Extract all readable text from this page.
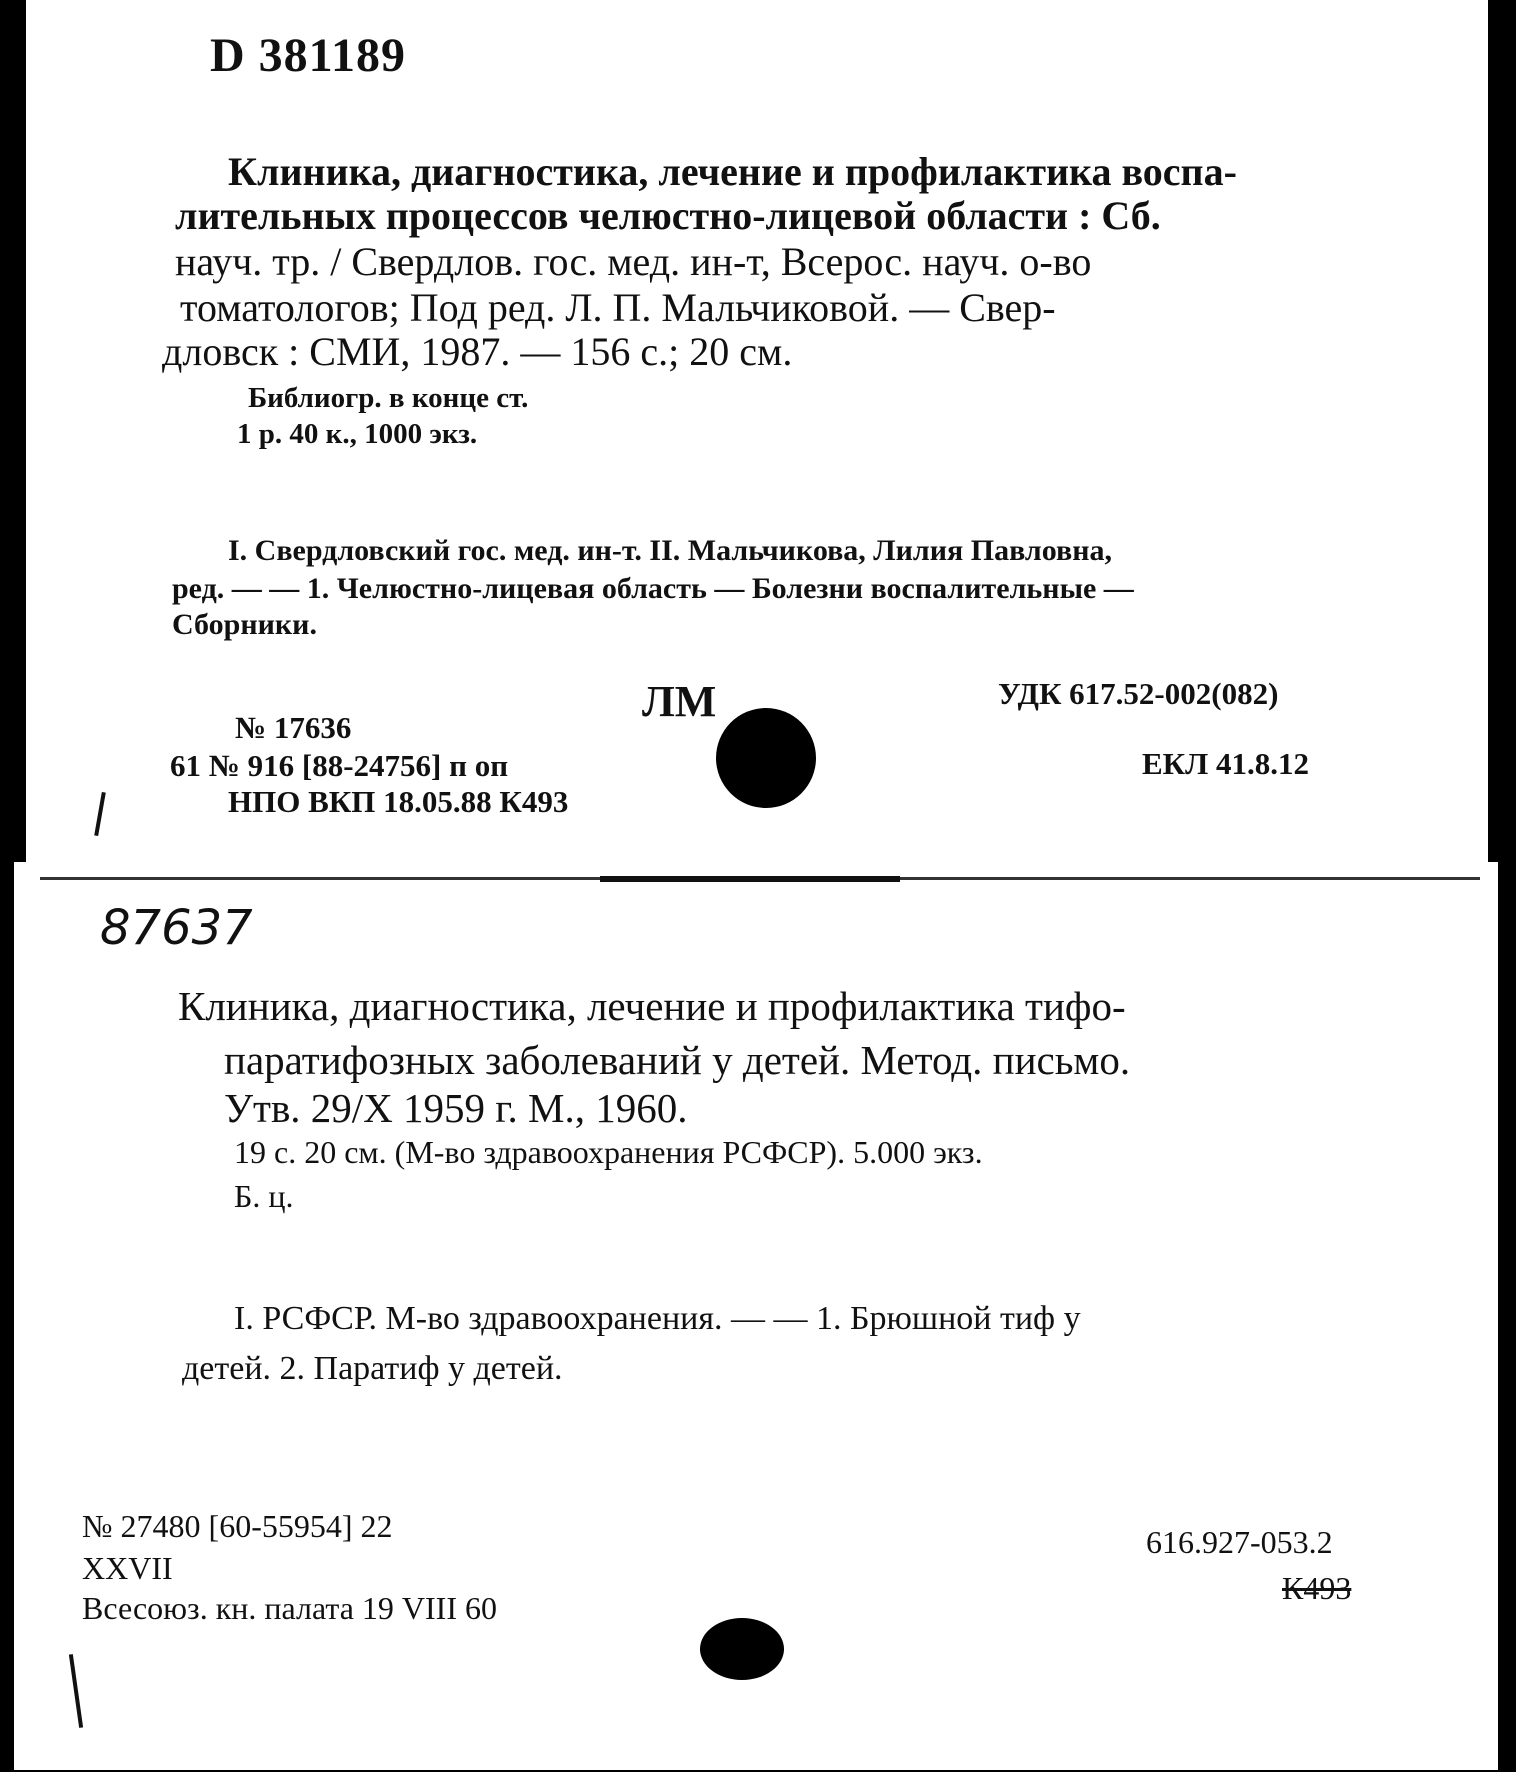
D 381189
Клиника, диагностика, лечение и профилактика воспа-
лительных процессов челюстно-лицевой области : Сб.
науч. тр. / Свердлов. гос. мед. ин-т, Всерос. науч. о-во
томатологов; Под ред. Л. П. Мальчиковой. — Свер-
дловск : СМИ, 1987. — 156 с.; 20 см.
Библиогр. в конце ст.
1 р. 40 к., 1000 экз.
I. Свердловский гос. мед. ин-т. II. Мальчикова, Лилия Павловна,
ред. — — 1. Челюстно-лицевая область — Болезни воспалительные —
Сборники.
ЛМ	УДК 617.52-002(082)
ЕКЛ 41.8.12
№ 17636
61 № 916 [88-24756] п оп
НПО ВКП 18.05.88 К493
87637
Клиника, диагностика, лечение и профилактика тифо-
паратифозных заболеваний у детей. Метод. письмо.
Утв. 29/X 1959 г. М., 1960.
19 с. 20 см. (М-во здравоохранения РСФСР). 5.000 экз.
Б. ц.
I. РСФСР. М-во здравоохранения. — — 1. Брюшной тиф у
детей. 2. Паратиф у детей.
№ 27480 [60-55954] 22
XXVII
Всесоюз. кн. палата 19 VIII 60
616.927-053.2
К493
